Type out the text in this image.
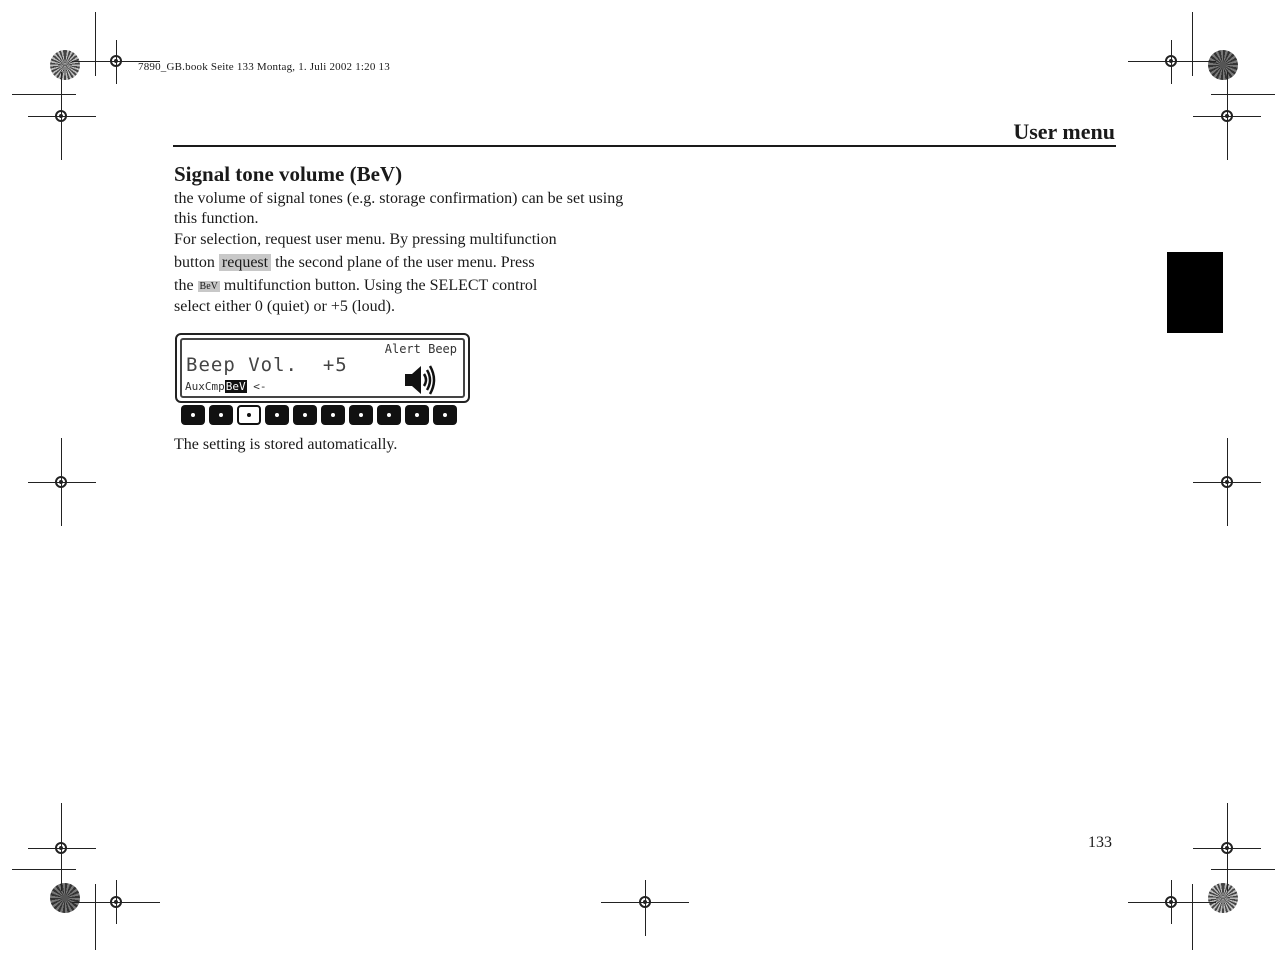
7890_GB.book Seite 133 Montag, 1. Juli 2002 1:20 13
User menu
Signal tone volume (BeV)
the volume of signal tones (e.g. storage confirmation) can be set using this function.
For selection, request user menu. By pressing multifunction
button request the second plane of the user menu. Press
the BeV multifunction button. Using the SELECT control
select either 0 (quiet) or +5 (loud).
Alert Beep
Beep Vol.  +5
AuxCmpBeV <-
The setting is stored automatically.
133
